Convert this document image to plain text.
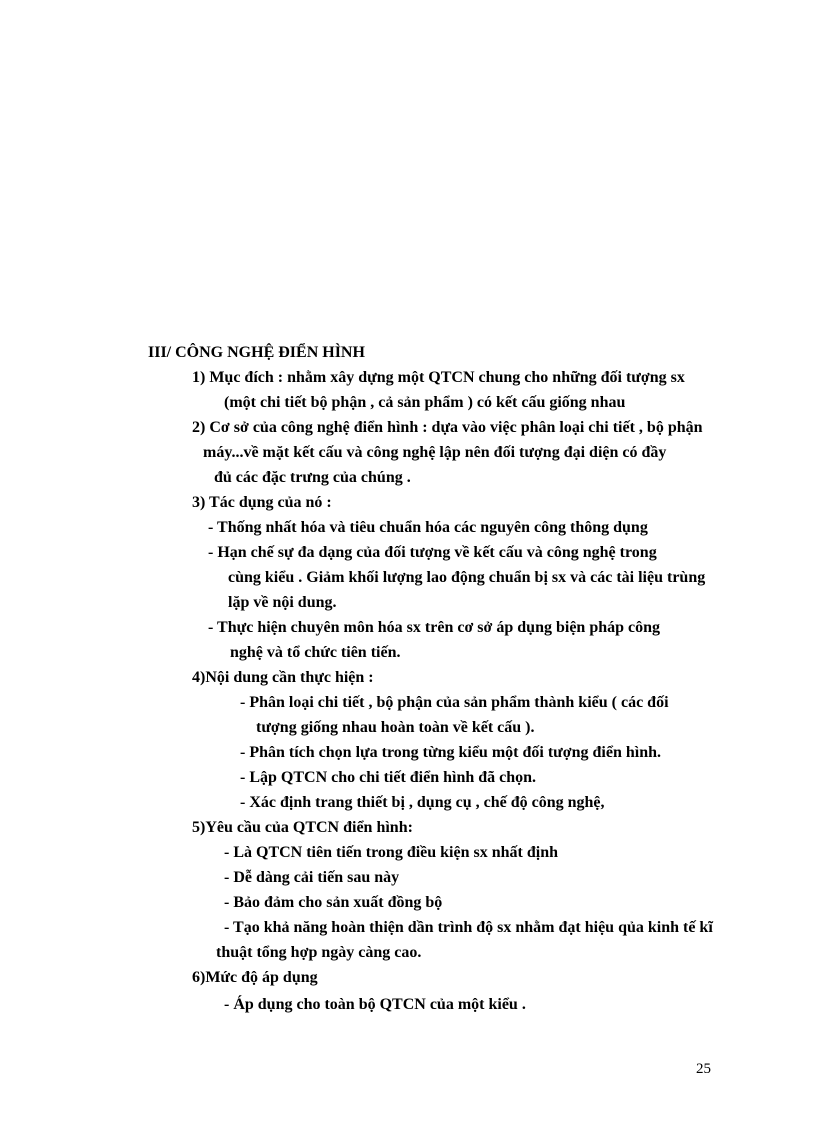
III/ CÔNG NGHỆ ĐIỂN HÌNH
1) Mục đích : nhằm xây dựng một QTCN chung cho những đối tượng sx
(một chi tiết bộ phận , cả sản phẩm ) có kết cấu giống nhau
2) Cơ sở của công nghệ điển hình : dựa vào việc phân loại chi tiết , bộ phận
máy...về mặt kết cấu và công nghệ lập nên đối tượng đại diện có đầy
đủ các đặc trưng của chúng .
3) Tác dụng của nó :
- Thống nhất hóa và tiêu chuẩn hóa các nguyên công thông dụng
- Hạn chế sự đa dạng của đối tượng về kết cấu và công nghệ trong
cùng kiểu . Giảm khối lượng lao động chuẩn bị sx và các tài liệu trùng
lặp về nội dung.
- Thực hiện chuyên môn hóa sx trên cơ sở áp dụng biện pháp công
nghệ và tổ chức tiên tiến.
4)Nội dung cần thực hiện :
- Phân loại chi tiết , bộ phận của sản phẩm thành kiểu ( các đối
tượng giống nhau hoàn toàn về kết cấu ).
- Phân tích chọn lựa trong từng kiểu một đối tượng điển hình.
- Lập QTCN cho chi tiết điển hình đã chọn.
- Xác định trang thiết bị , dụng cụ , chế độ công nghệ,
5)Yêu cầu của QTCN điển hình:
- Là QTCN tiên tiến trong điều kiện sx nhất định
- Dễ dàng cải tiến sau này
- Bảo đảm cho sản xuất đồng bộ
- Tạo khả năng hoàn thiện dần trình độ sx nhằm đạt hiệu qủa kinh tế kĩ
thuật tổng hợp ngày càng cao.
6)Mức độ áp dụng
- Áp dụng cho toàn bộ QTCN của một kiểu .
25
